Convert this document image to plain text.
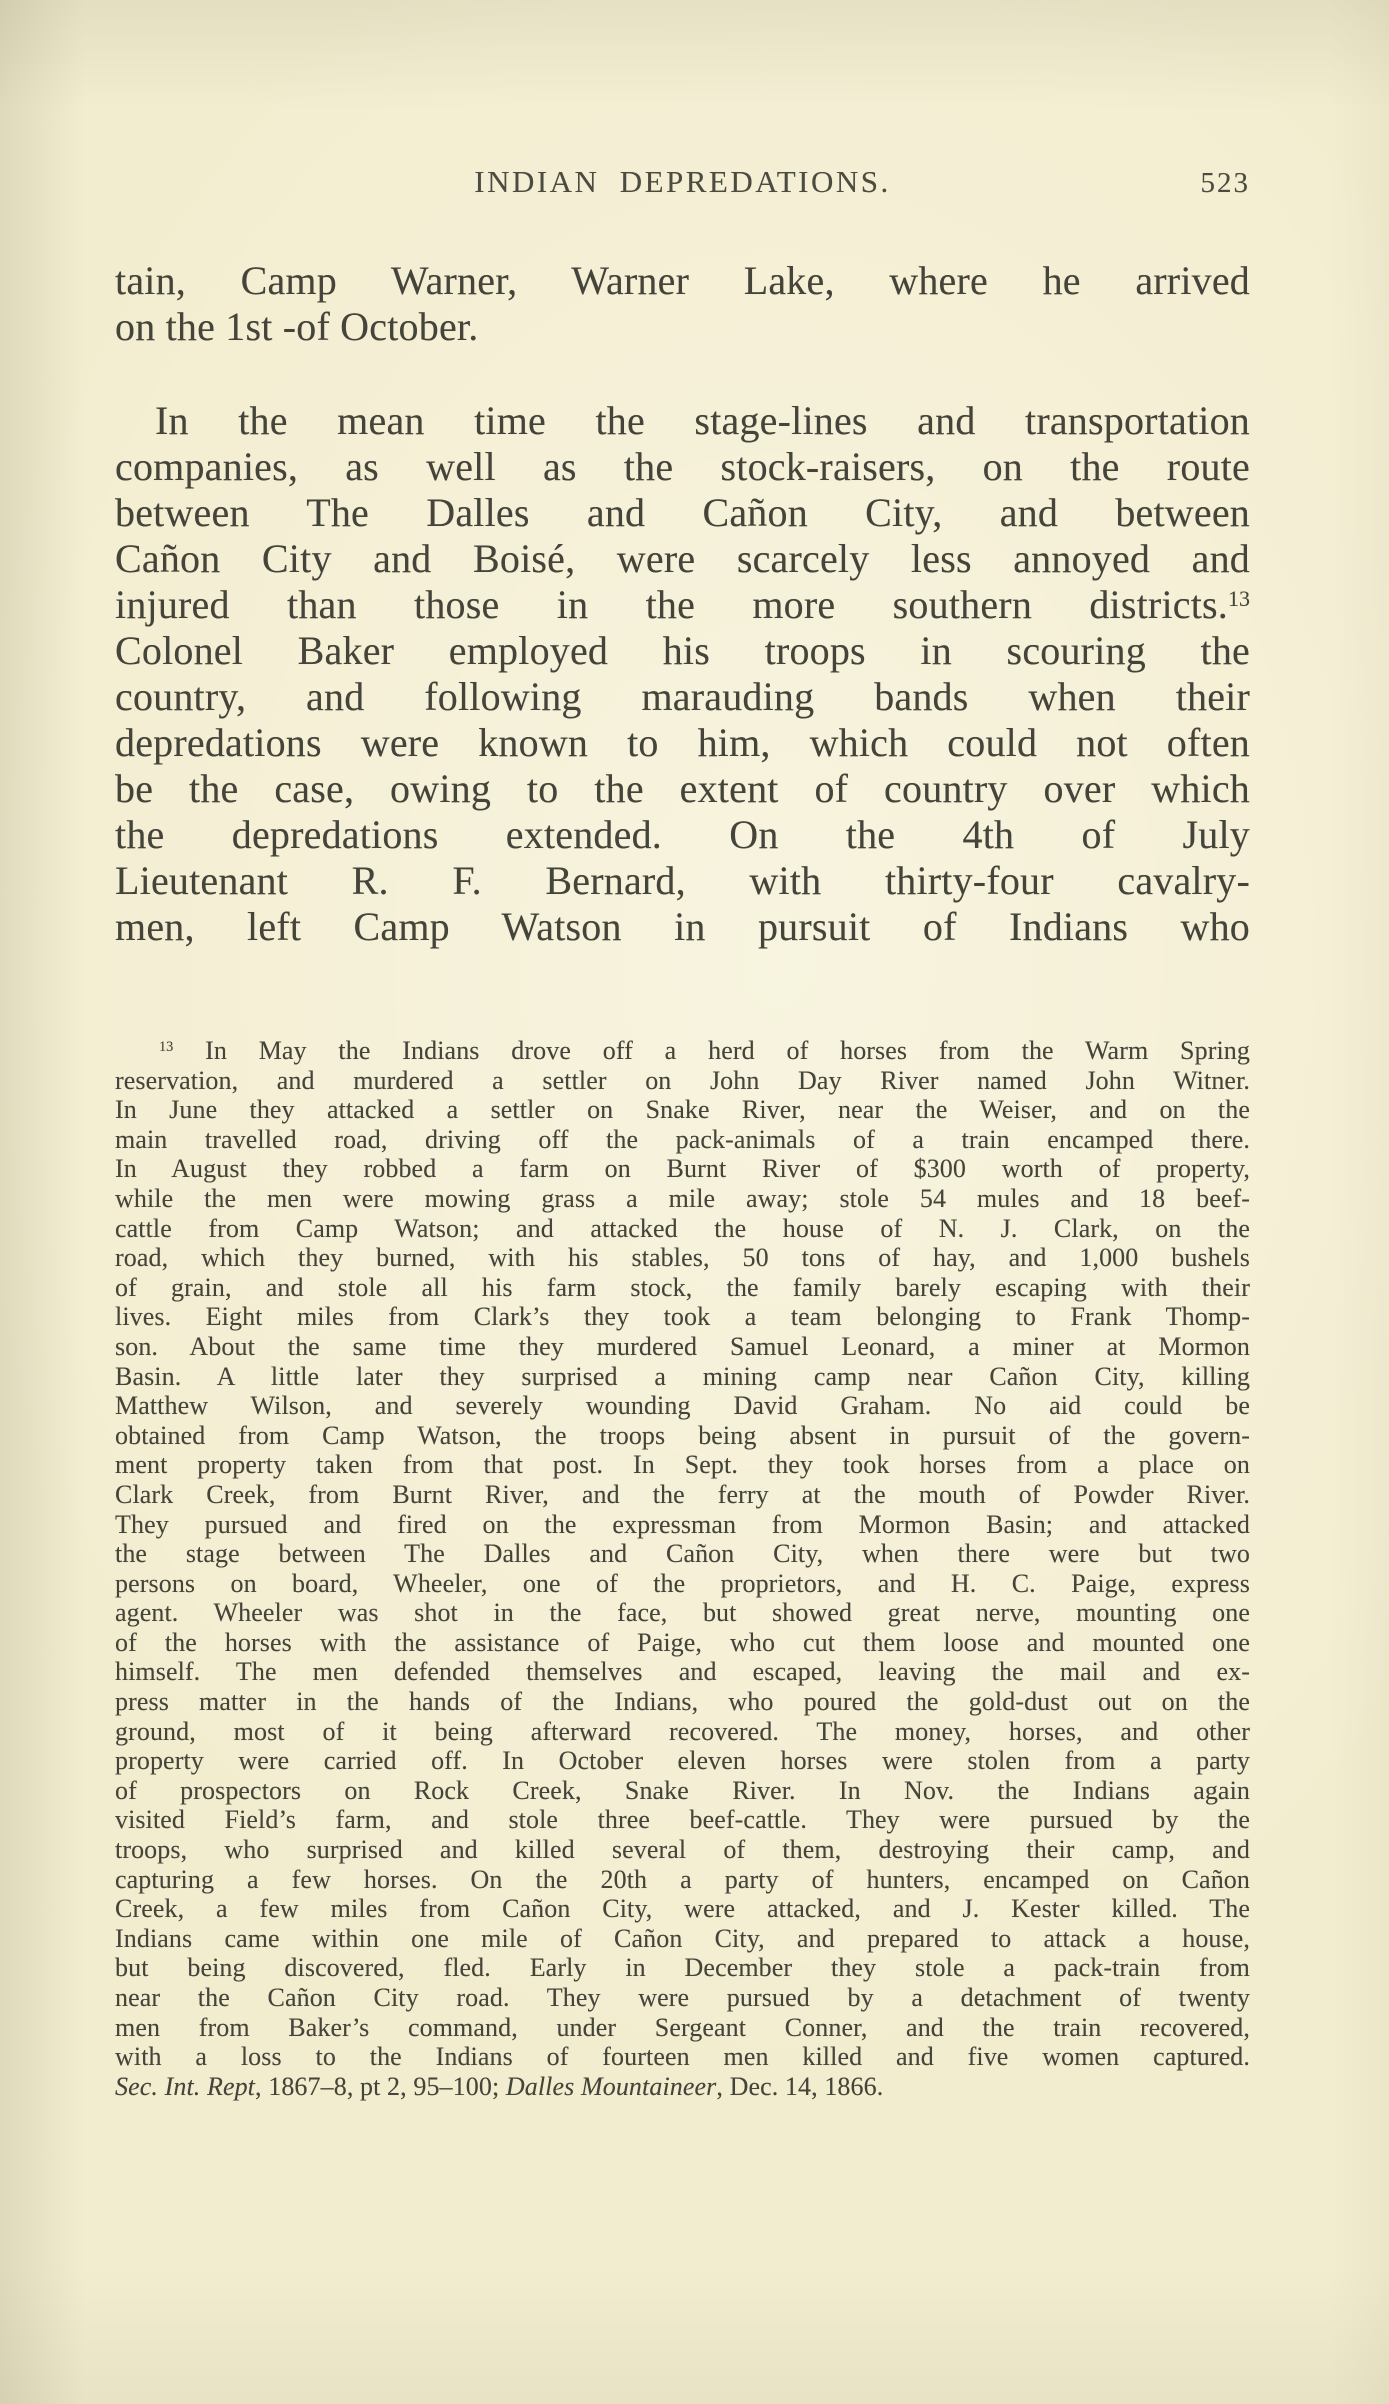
INDIAN DEPREDATIONS.	523
tain, Camp Warner, Warner Lake, where he arrived
on the 1st -of October.
In the mean time the stage-lines and transportation
companies, as well as the stock-raisers, on the route
between The Dalles and Cañon City, and between
Cañon City and Boisé, were scarcely less annoyed and
injured than those in the more southern districts.$^{13}$
Colonel Baker employed his troops in scouring the
country, and following marauding bands when their
depredations were known to him, which could not often
be the case, owing to the extent of country over which
the depredations extended. On the 4th of July
Lieutenant R. F. Bernard, with thirty-four cavalry-
men, left Camp Watson in pursuit of Indians who
$^{13}$ In May the Indians drove off a herd of horses from the Warm Spring
reservation, and murdered a settler on John Day River named John Witner.
In June they attacked a settler on Snake River, near the Weiser, and on the
main travelled road, driving off the pack-animals of a train encamped there.
In August they robbed a farm on Burnt River of $300 worth of property,
while the men were mowing grass a mile away; stole 54 mules and 18 beef-
cattle from Camp Watson; and attacked the house of N. J. Clark, on the
road, which they burned, with his stables, 50 tons of hay, and 1,000 bushels
of grain, and stole all his farm stock, the family barely escaping with their
lives. Eight miles from Clark’s they took a team belonging to Frank Thomp-
son. About the same time they murdered Samuel Leonard, a miner at Mormon
Basin. A little later they surprised a mining camp near Cañon City, killing
Matthew Wilson, and severely wounding David Graham. No aid could be
obtained from Camp Watson, the troops being absent in pursuit of the govern-
ment property taken from that post. In Sept. they took horses from a place on
Clark Creek, from Burnt River, and the ferry at the mouth of Powder River.
They pursued and fired on the expressman from Mormon Basin; and attacked
the stage between The Dalles and Cañon City, when there were but two
persons on board, Wheeler, one of the proprietors, and H. C. Paige, express
agent. Wheeler was shot in the face, but showed great nerve, mounting one
of the horses with the assistance of Paige, who cut them loose and mounted one
himself. The men defended themselves and escaped, leaving the mail and ex-
press matter in the hands of the Indians, who poured the gold-dust out on the
ground, most of it being afterward recovered. The money, horses, and other
property were carried off. In October eleven horses were stolen from a party
of prospectors on Rock Creek, Snake River. In Nov. the Indians again
visited Field’s farm, and stole three beef-cattle. They were pursued by the
troops, who surprised and killed several of them, destroying their camp, and
capturing a few horses. On the 20th a party of hunters, encamped on Cañon
Creek, a few miles from Cañon City, were attacked, and J. Kester killed. The
Indians came within one mile of Cañon City, and prepared to attack a house,
but being discovered, fled. Early in December they stole a pack-train from
near the Cañon City road. They were pursued by a detachment of twenty
men from Baker’s command, under Sergeant Conner, and the train recovered,
with a loss to the Indians of fourteen men killed and five women captured.
Sec. Int. Rept, 1867–8, pt 2, 95–100; Dalles Mountaineer, Dec. 14, 1866.
